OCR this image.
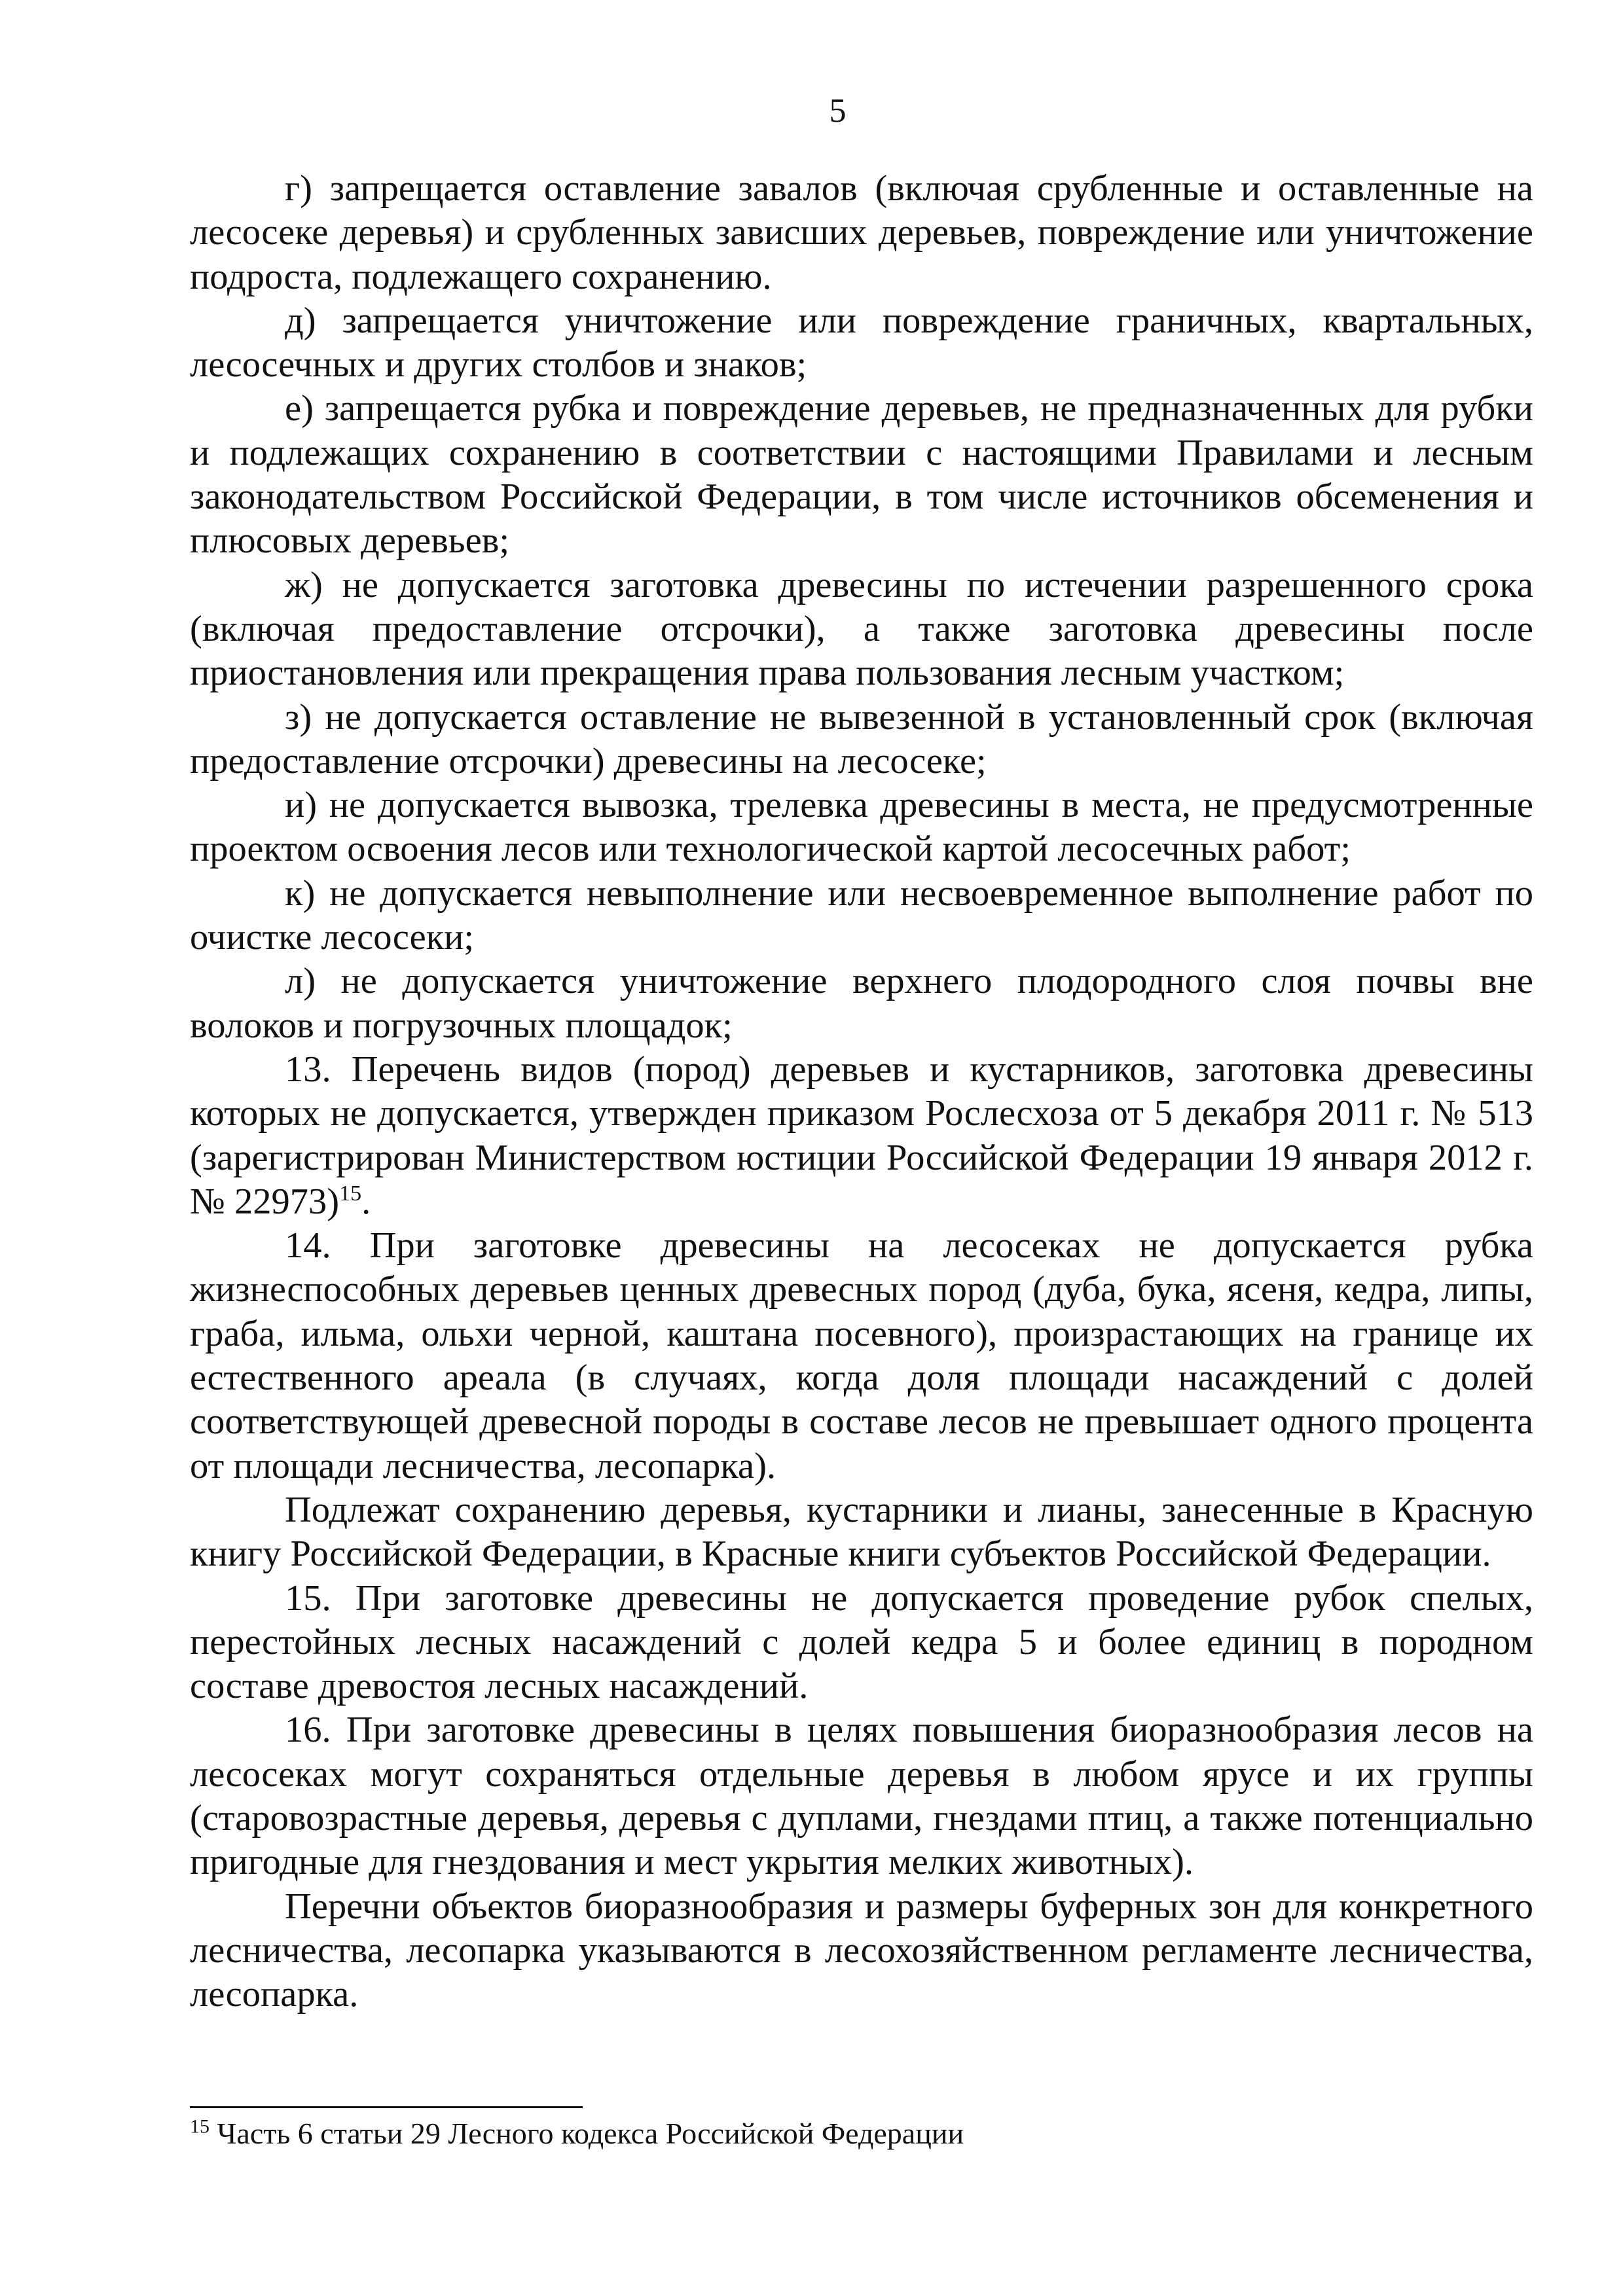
5

г) запрещается оставление завалов (включая срубленные и оставленные на лесосеке деревья) и срубленных зависших деревьев, повреждение или уничтожение подроста, подлежащего сохранению.

д) запрещается уничтожение или повреждение граничных, квартальных, лесосечных и других столбов и знаков;

е) запрещается рубка и повреждение деревьев, не предназначенных для рубки и подлежащих сохранению в соответствии с настоящими Правилами и лесным законодательством Российской Федерации, в том числе источников обсеменения и плюсовых деревьев;

ж) не допускается заготовка древесины по истечении разрешенного срока (включая предоставление отсрочки), а также заготовка древесины после приостановления или прекращения права пользования лесным участком;

з) не допускается оставление не вывезенной в установленный срок (включая предоставление отсрочки) древесины на лесосеке;

и) не допускается вывозка, трелевка древесины в места, не предусмотренные проектом освоения лесов или технологической картой лесосечных работ;

к) не допускается невыполнение или несвоевременное выполнение работ по очистке лесосеки;

л) не допускается уничтожение верхнего плодородного слоя почвы вне волоков и погрузочных площадок;

13. Перечень видов (пород) деревьев и кустарников, заготовка древесины которых не допускается, утвержден приказом Рослесхоза от 5 декабря 2011 г. № 513 (зарегистрирован Министерством юстиции Российской Федерации 19 января 2012 г. № 22973)$^{15}$.

14. При заготовке древесины на лесосеках не допускается рубка жизнеспособных деревьев ценных древесных пород (дуба, бука, ясеня, кедра, липы, граба, ильма, ольхи черной, каштана посевного), произрастающих на границе их естественного ареала (в случаях, когда доля площади насаждений с долей соответствующей древесной породы в составе лесов не превышает одного процента от площади лесничества, лесопарка).

Подлежат сохранению деревья, кустарники и лианы, занесенные в Красную книгу Российской Федерации, в Красные книги субъектов Российской Федерации.

15. При заготовке древесины не допускается проведение рубок спелых, перестойных лесных насаждений с долей кедра 5 и более единиц в породном составе древостоя лесных насаждений.

16. При заготовке древесины в целях повышения биоразнообразия лесов на лесосеках могут сохраняться отдельные деревья в любом ярусе и их группы (старовозрастные деревья, деревья с дуплами, гнездами птиц, а также потенциально пригодные для гнездования и мест укрытия мелких животных).

Перечни объектов биоразнообразия и размеры буферных зон для конкретного лесничества, лесопарка указываются в лесохозяйственном регламенте лесничества, лесопарка.

$^{15}$ Часть 6 статьи 29 Лесного кодекса Российской Федерации
